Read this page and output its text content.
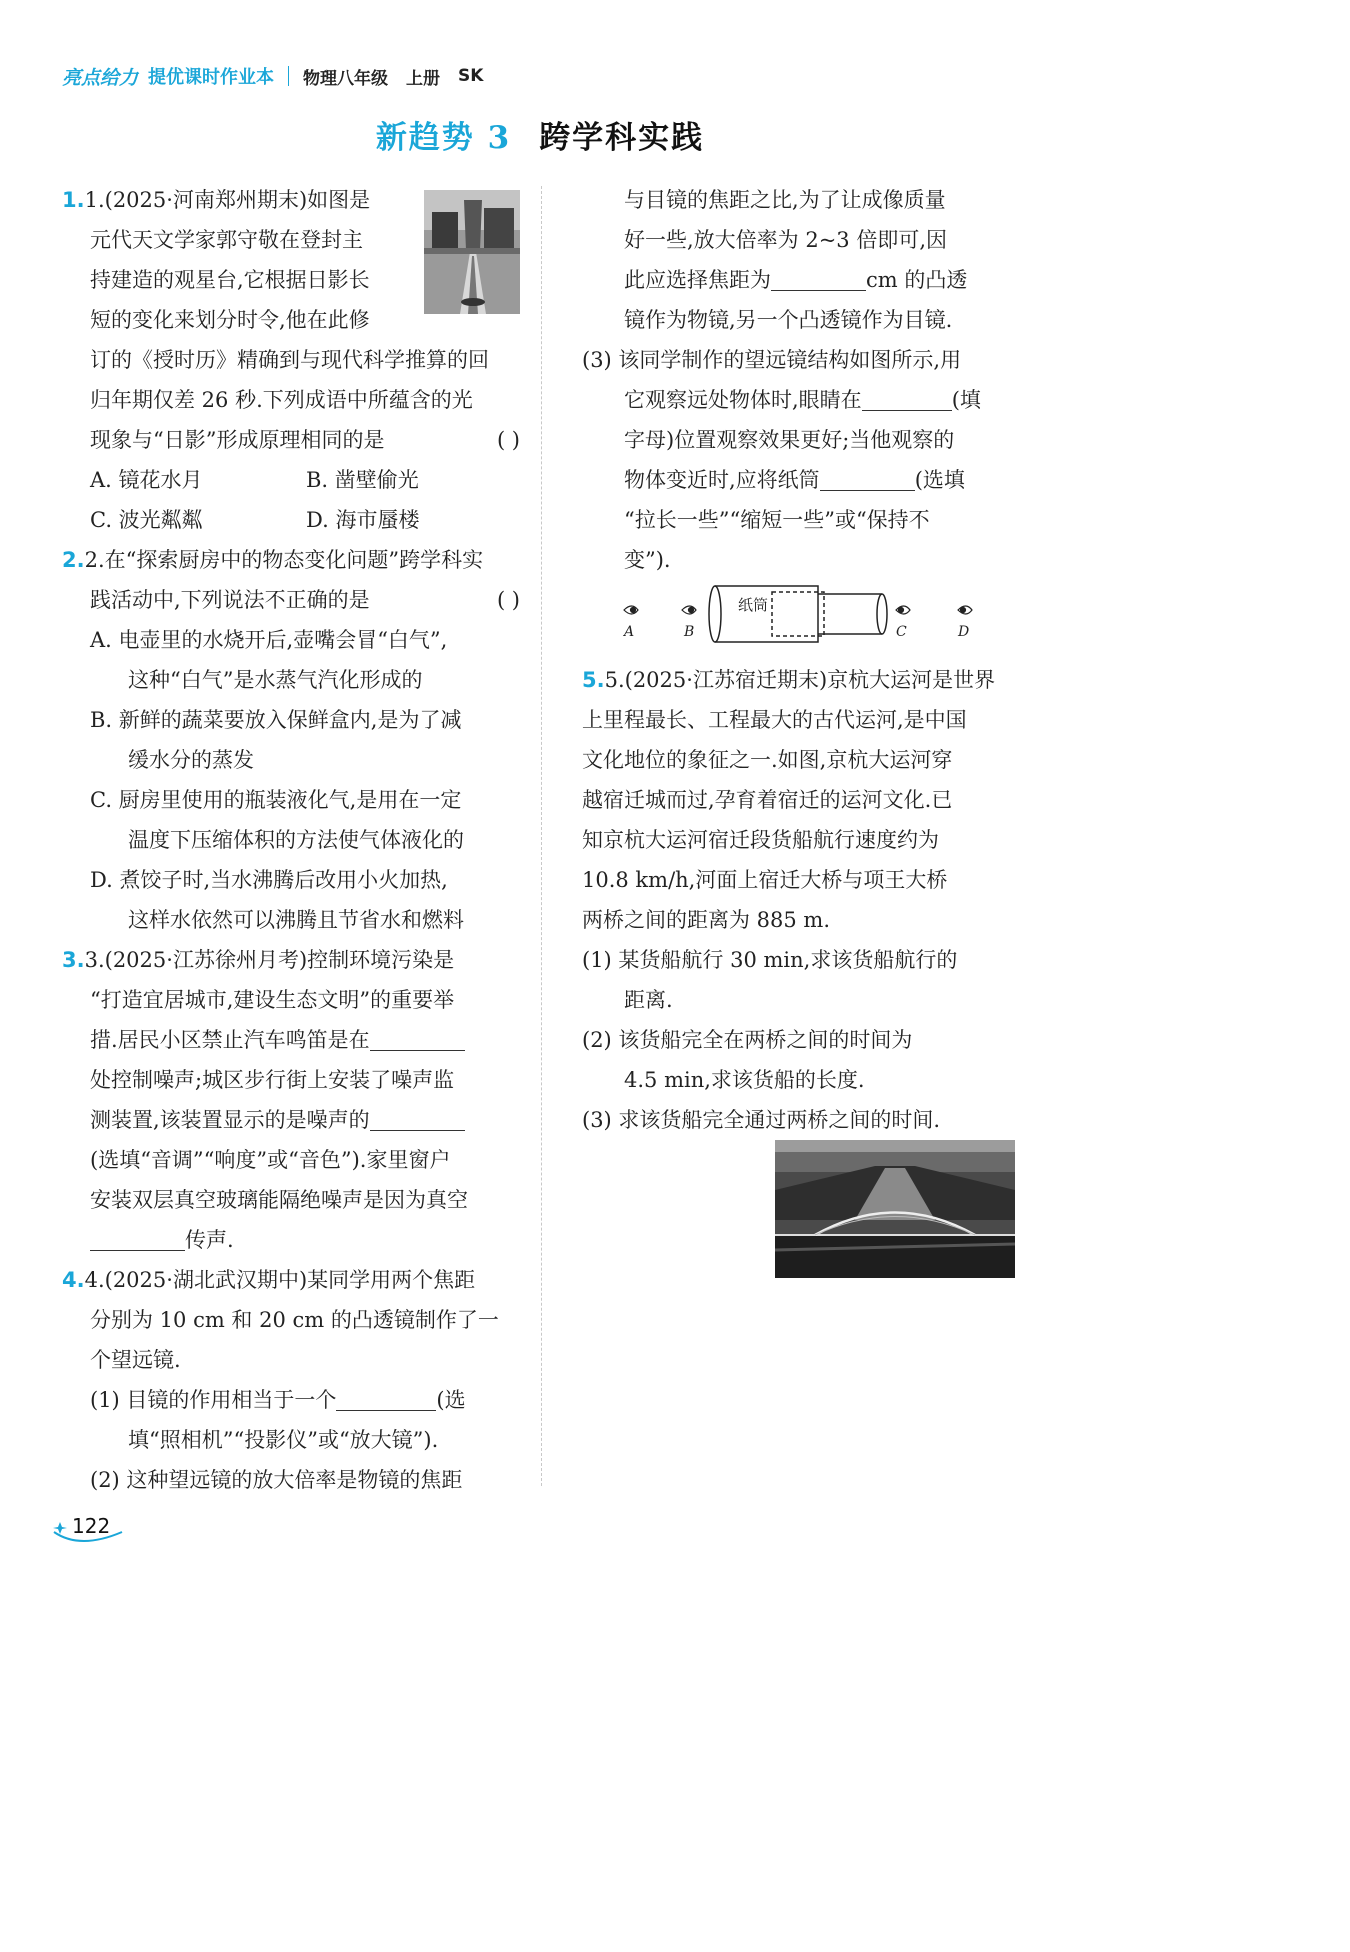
亮点给力 提优课时作业本 物理八年级 上册 SK
新趋势 3 跨学科实践
1.1.(2025·河南郑州期末)如图是
元代天文学家郭守敬在登封主
持建造的观星台,它根据日影长
短的变化来划分时令,他在此修
订的《授时历》精确到与现代科学推算的回
归年期仅差 26 秒.下列成语中所蕴含的光
现象与“日影”形成原理相同的是	( )
A. 镜花水月	B. 凿壁偷光
C. 波光粼粼	D. 海市蜃楼
2.2.在“探索厨房中的物态变化问题”跨学科实
践活动中,下列说法不正确的是	( )
A. 电壶里的水烧开后,壶嘴会冒“白气”,
这种“白气”是水蒸气汽化形成的
B. 新鲜的蔬菜要放入保鲜盒内,是为了减
缓水分的蒸发
C. 厨房里使用的瓶装液化气,是用在一定
温度下压缩体积的方法使气体液化的
D. 煮饺子时,当水沸腾后改用小火加热,
这样水依然可以沸腾且节省水和燃料
3.3.(2025·江苏徐州月考)控制环境污染是
“打造宜居城市,建设生态文明”的重要举
措.居民小区禁止汽车鸣笛是在
处控制噪声;城区步行街上安装了噪声监
测装置,该装置显示的是噪声的
(选填“音调”“响度”或“音色”).家里窗户
安装双层真空玻璃能隔绝噪声是因为真空
传声.
4.4.(2025·湖北武汉期中)某同学用两个焦距
分别为 10 cm 和 20 cm 的凸透镜制作了一
个望远镜.
(1) 目镜的作用相当于一个	(选
填“照相机”“投影仪”或“放大镜”).
(2) 这种望远镜的放大倍率是物镜的焦距
与目镜的焦距之比,为了让成像质量
好一些,放大倍率为 2~3 倍即可,因
此应选择焦距为	cm 的凸透
镜作为物镜,另一个凸透镜作为目镜.
(3) 该同学制作的望远镜结构如图所示,用
它观察远处物体时,眼睛在	(填
字母)位置观察效果更好;当他观察的
物体变近时,应将纸筒	(选填
“拉长一些”“缩短一些”或“保持不
变”).
5.5.(2025·江苏宿迁期末)京杭大运河是世界
上里程最长、工程最大的古代运河,是中国
文化地位的象征之一.如图,京杭大运河穿
越宿迁城而过,孕育着宿迁的运河文化.已
知京杭大运河宿迁段货船航行速度约为
10.8 km/h,河面上宿迁大桥与项王大桥
两桥之间的距离为 885 m.
(1) 某货船航行 30 min,求该货船航行的
距离.
(2) 该货船完全在两桥之间的时间为
4.5 min,求该货船的长度.
(3) 求该货船完全通过两桥之间的时间.
纸筒
A	B	C	D
122
